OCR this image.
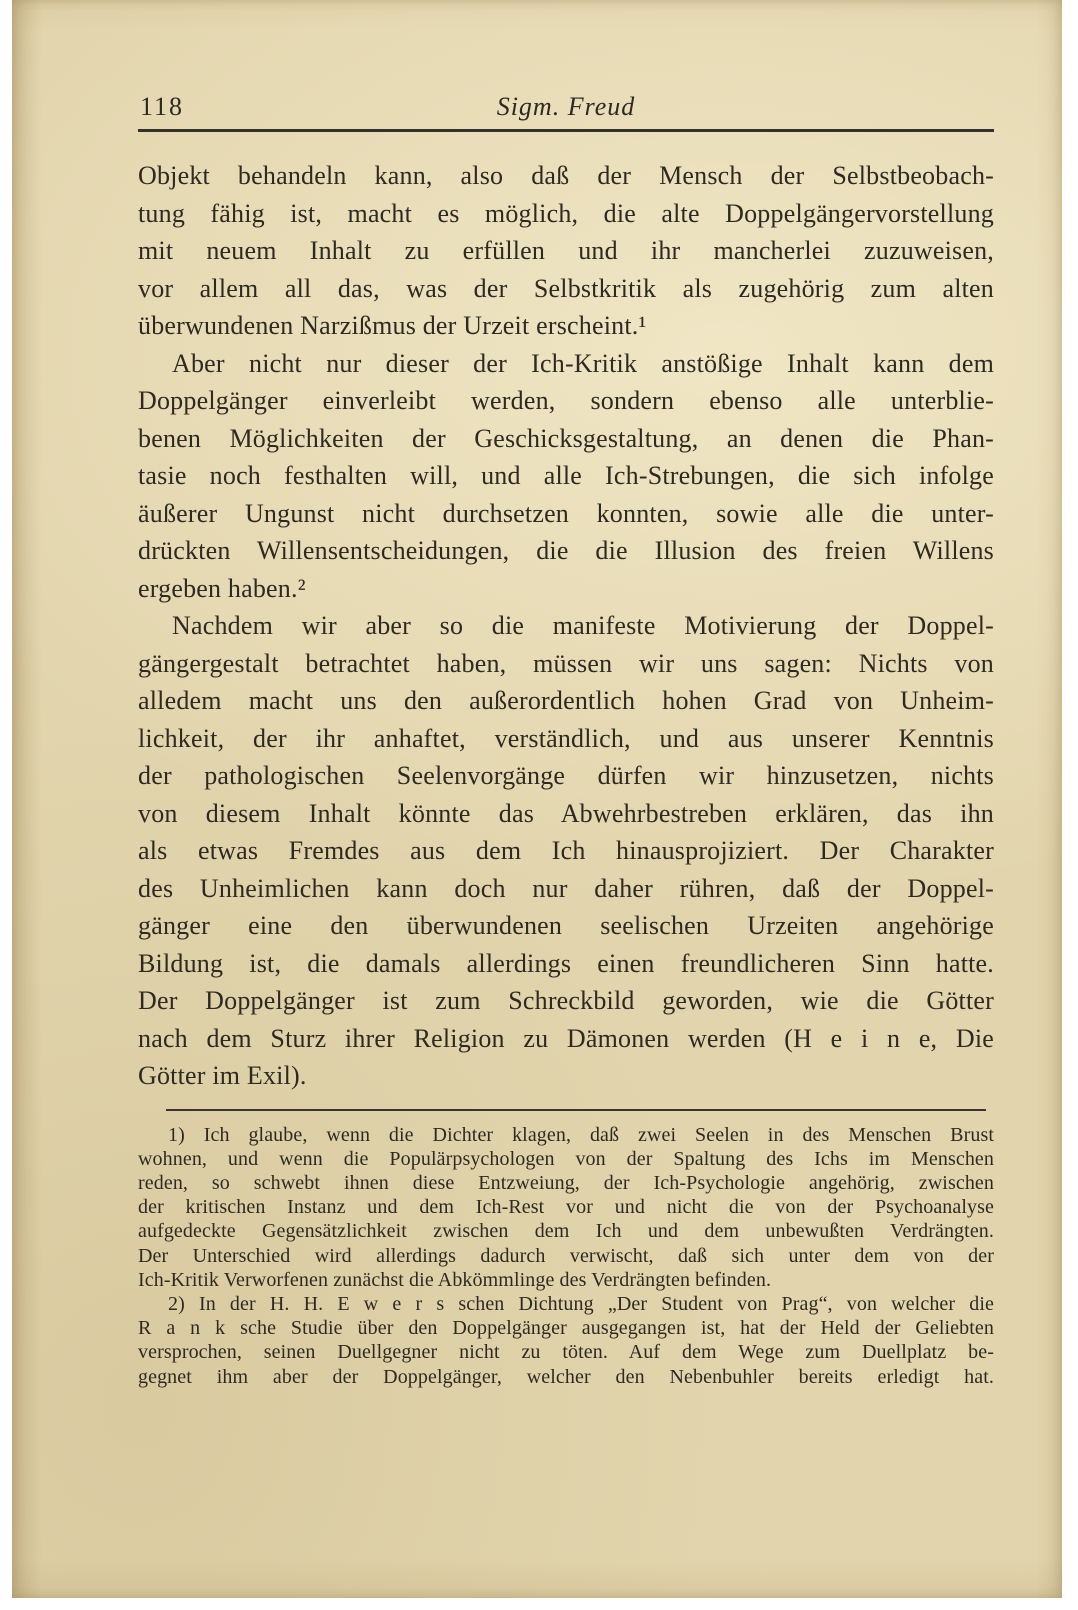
118	Sigm. Freud
Objekt behandeln kann, also daß der Mensch der Selbstbeobach-
tung fähig ist, macht es möglich, die alte Doppelgängervorstellung
mit neuem Inhalt zu erfüllen und ihr mancherlei zuzuweisen,
vor allem all das, was der Selbstkritik als zugehörig zum alten
überwundenen Narzißmus der Urzeit erscheint.¹
Aber nicht nur dieser der Ich-Kritik anstößige Inhalt kann dem
Doppelgänger einverleibt werden, sondern ebenso alle unterblie-
benen Möglichkeiten der Geschicksgestaltung, an denen die Phan-
tasie noch festhalten will, und alle Ich-Strebungen, die sich infolge
äußerer Ungunst nicht durchsetzen konnten, sowie alle die unter-
drückten Willensentscheidungen, die die Illusion des freien Willens
ergeben haben.²
Nachdem wir aber so die manifeste Motivierung der Doppel-
gängergestalt betrachtet haben, müssen wir uns sagen: Nichts von
alledem macht uns den außerordentlich hohen Grad von Unheim-
lichkeit, der ihr anhaftet, verständlich, und aus unserer Kenntnis
der pathologischen Seelenvorgänge dürfen wir hinzusetzen, nichts
von diesem Inhalt könnte das Abwehrbestreben erklären, das ihn
als etwas Fremdes aus dem Ich hinausprojiziert. Der Charakter
des Unheimlichen kann doch nur daher rühren, daß der Doppel-
gänger eine den überwundenen seelischen Urzeiten angehörige
Bildung ist, die damals allerdings einen freundlicheren Sinn hatte.
Der Doppelgänger ist zum Schreckbild geworden, wie die Götter
nach dem Sturz ihrer Religion zu Dämonen werden (H e i n e, Die
Götter im Exil).
1) Ich glaube, wenn die Dichter klagen, daß zwei Seelen in des Menschen Brust
wohnen, und wenn die Populärpsychologen von der Spaltung des Ichs im Menschen
reden, so schwebt ihnen diese Entzweiung, der Ich-Psychologie angehörig, zwischen
der kritischen Instanz und dem Ich-Rest vor und nicht die von der Psychoanalyse
aufgedeckte Gegensätzlichkeit zwischen dem Ich und dem unbewußten Verdrängten.
Der Unterschied wird allerdings dadurch verwischt, daß sich unter dem von der
Ich-Kritik Verworfenen zunächst die Abkömmlinge des Verdrängten befinden.
2) In der H. H. E w e r s schen Dichtung „Der Student von Prag“, von welcher die
R a n k sche Studie über den Doppelgänger ausgegangen ist, hat der Held der Geliebten
versprochen, seinen Duellgegner nicht zu töten. Auf dem Wege zum Duellplatz be-
gegnet ihm aber der Doppelgänger, welcher den Nebenbuhler bereits erledigt hat.
